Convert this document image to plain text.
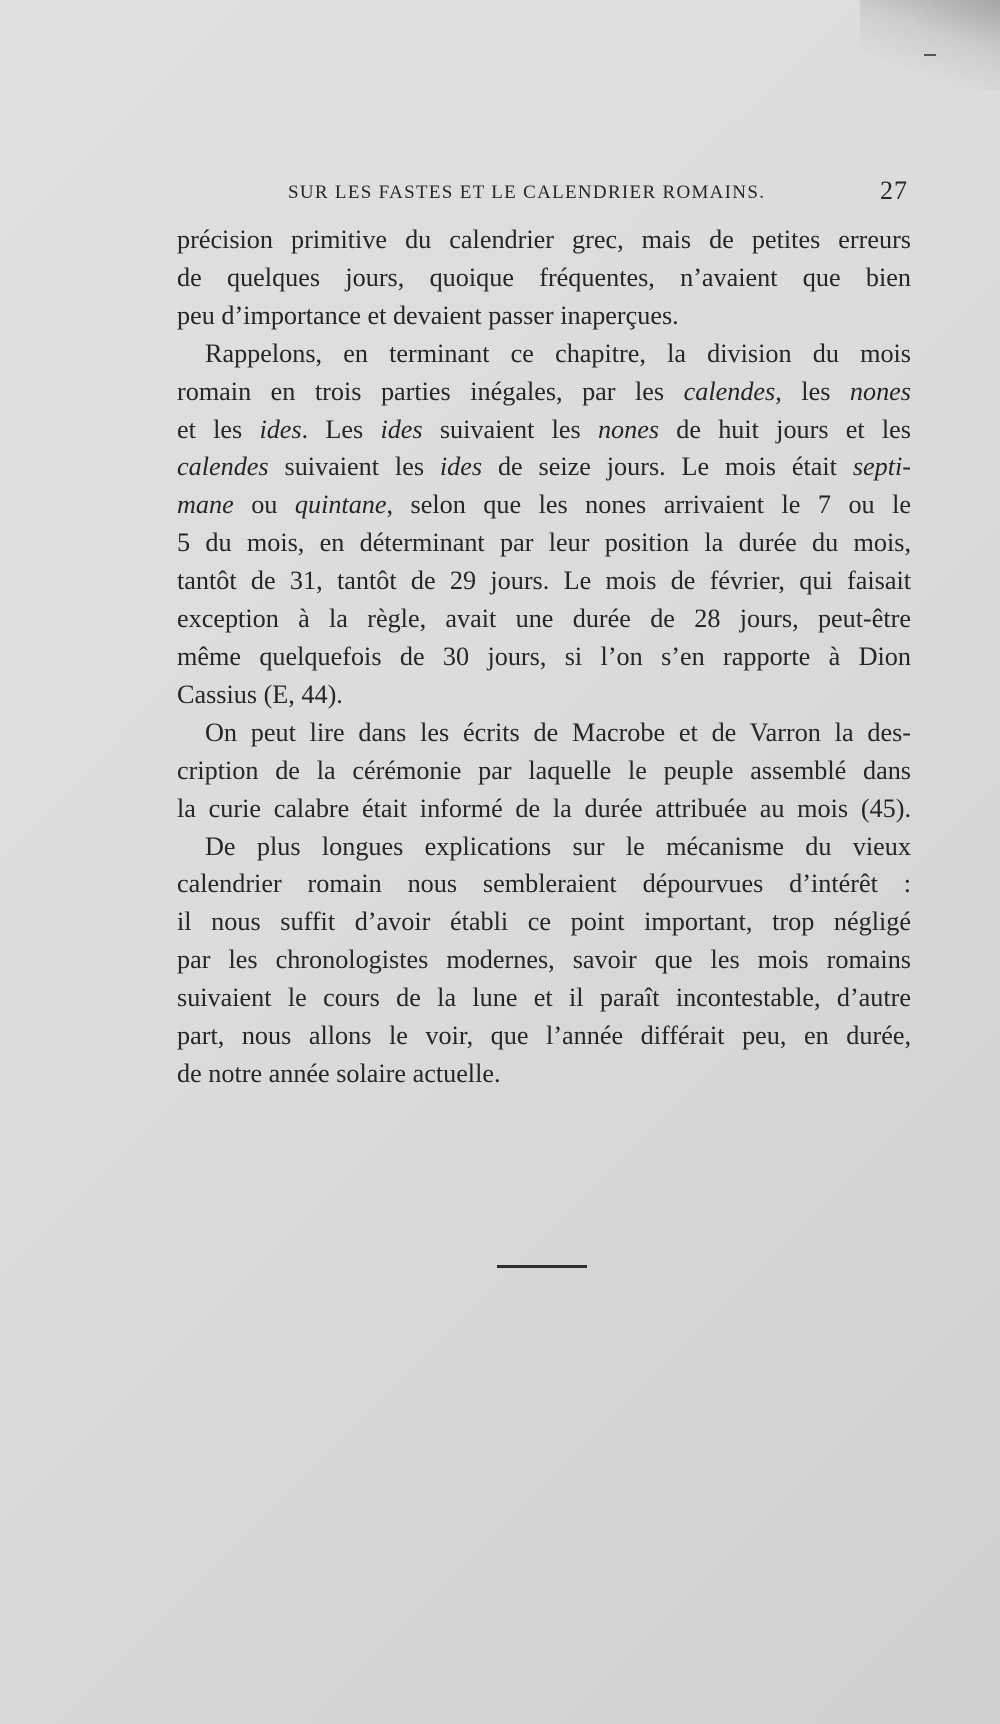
SUR LES FASTES ET LE CALENDRIER ROMAINS.	27

précision primitive du calendrier grec, mais de petites erreurs
de quelques jours, quoique fréquentes, n’avaient que bien
peu d’importance et devaient passer inaperçues.

Rappelons, en terminant ce chapitre, la division du mois
romain en trois parties inégales, par les calendes, les nones
et les ides. Les ides suivaient les nones de huit jours et les
calendes suivaient les ides de seize jours. Le mois était septi-
mane ou quintane, selon que les nones arrivaient le 7 ou le
5 du mois, en déterminant par leur position la durée du mois,
tantôt de 31, tantôt de 29 jours. Le mois de février, qui faisait
exception à la règle, avait une durée de 28 jours, peut-être
même quelquefois de 30 jours, si l’on s’en rapporte à Dion
Cassius (E, 44).

On peut lire dans les écrits de Macrobe et de Varron la des-
cription de la cérémonie par laquelle le peuple assemblé dans
la curie calabre était informé de la durée attribuée au mois (45).

De plus longues explications sur le mécanisme du vieux
calendrier romain nous sembleraient dépourvues d’intérêt :
il nous suffit d’avoir établi ce point important, trop négligé
par les chronologistes modernes, savoir que les mois romains
suivaient le cours de la lune et il paraît incontestable, d’autre
part, nous allons le voir, que l’année différait peu, en durée,
de notre année solaire actuelle.
